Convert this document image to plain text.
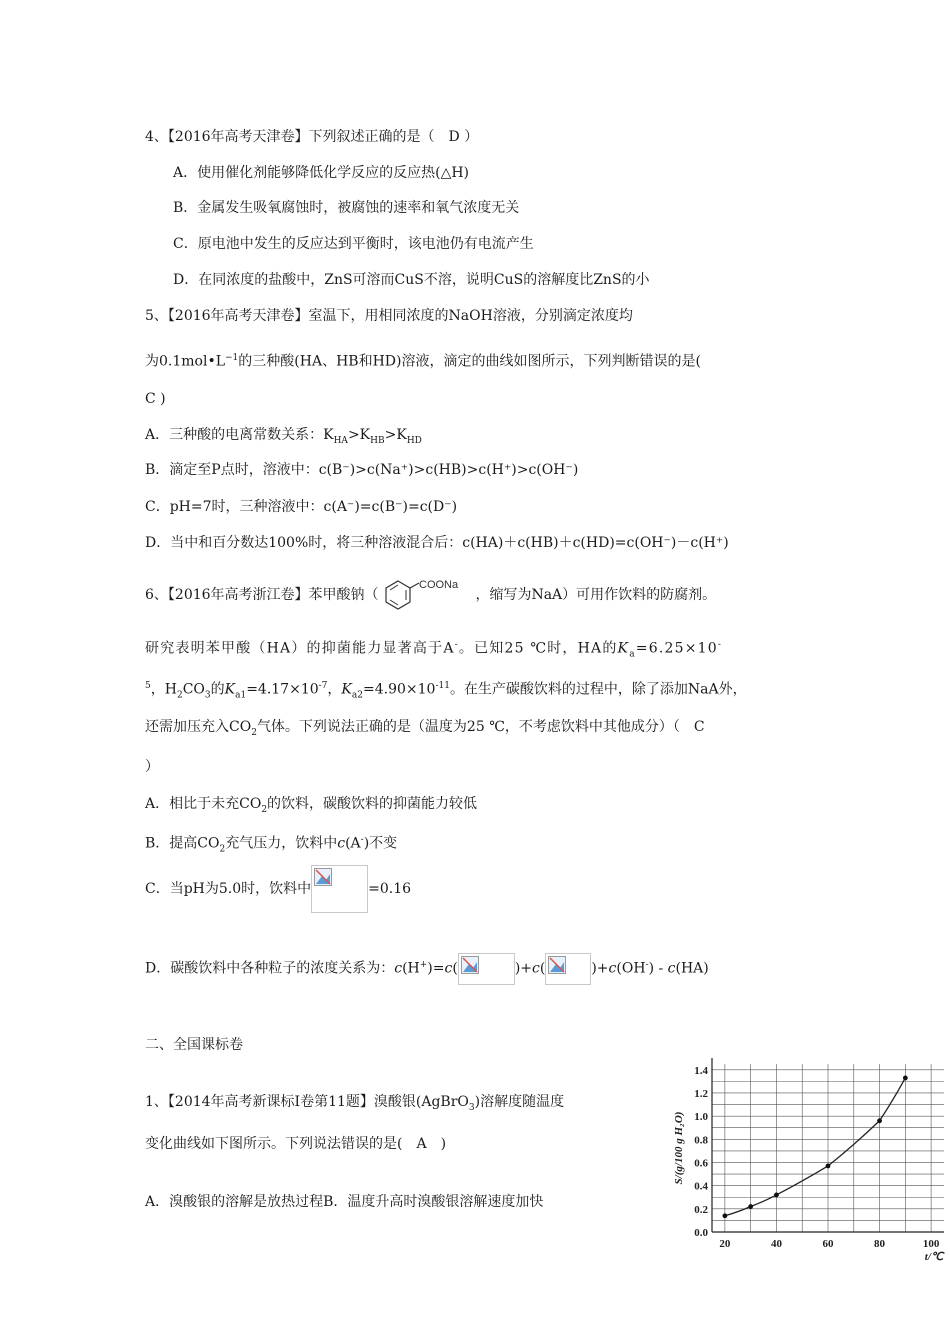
4、【2016年高考天津卷】下列叙述正确的是（　D ）
A．使用催化剂能够降低化学反应的反应热(△H)
B．金属发生吸氧腐蚀时，被腐蚀的速率和氧气浓度无关
C．原电池中发生的反应达到平衡时，该电池仍有电流产生
D．在同浓度的盐酸中，ZnS可溶而CuS不溶，说明CuS的溶解度比ZnS的小
5、【2016年高考天津卷】室温下，用相同浓度的NaOH溶液，分别滴定浓度均
为$0.1mol•L^{-1}$的三种酸(HA、HB和HD)溶液，滴定的曲线如图所示，下列判断错误的是(
C )
A．三种酸的电离常数关系：$K_{HA}>K_{HB}>K_{HD}$
B．滴定至P点时，溶液中：c(B⁻)>c(Na⁺)>c(HB)>c(H⁺)>c(OH⁻)
C．pH=7时，三种溶液中：c(A⁻)=c(B⁻)=c(D⁻)
D．当中和百分数达100%时，将三种溶液混合后：c(HA)＋c(HB)＋c(HD)=c(OH⁻)－c(H⁺)
6、【2016年高考浙江卷】苯甲酸钠（
COONa
，缩写为NaA）可用作饮料的防腐剂。
研究表明苯甲酸（HA）的抑菌能力显著高于A-。已知25 ℃时，HA的$K_a=6.25\times 10^-$
$^5$，$H_2CO_3$的$K_{a1}=4.17\times 10^{-7}$，$K_{a2}=4.90\times 10^{-11}$。在生产碳酸饮料的过程中，除了添加NaA外，
还需加压充入$CO_2$气体。下列说法正确的是（温度为25 ℃，不考虑饮料中其他成分）（　C
）
A．相比于未充$CO_2$的饮料，碳酸饮料的抑菌能力较低
B．提高$CO_2$充气压力，饮料中c(A-)不变
C．当pH为5.0时，饮料中	=0.16
D．碳酸饮料中各种粒子的浓度关系为：c(H+)=c(	)+c(	)+c(OH-) - c(HA)
二、全国课标卷
1、【2014年高考新课标Ⅰ卷第11题】溴酸银(AgBrO$_3$)溶解度随温度
变化曲线如下图所示。下列说法错误的是(　A　)
A．溴酸银的溶解是放热过程B．温度升高时溴酸银溶解速度加快
0.0
0.2
0.4
0.6
0.8
1.0
1.2
1.4
20	40	60	80	100
S/(g/100 g H₂O)
t/℃
